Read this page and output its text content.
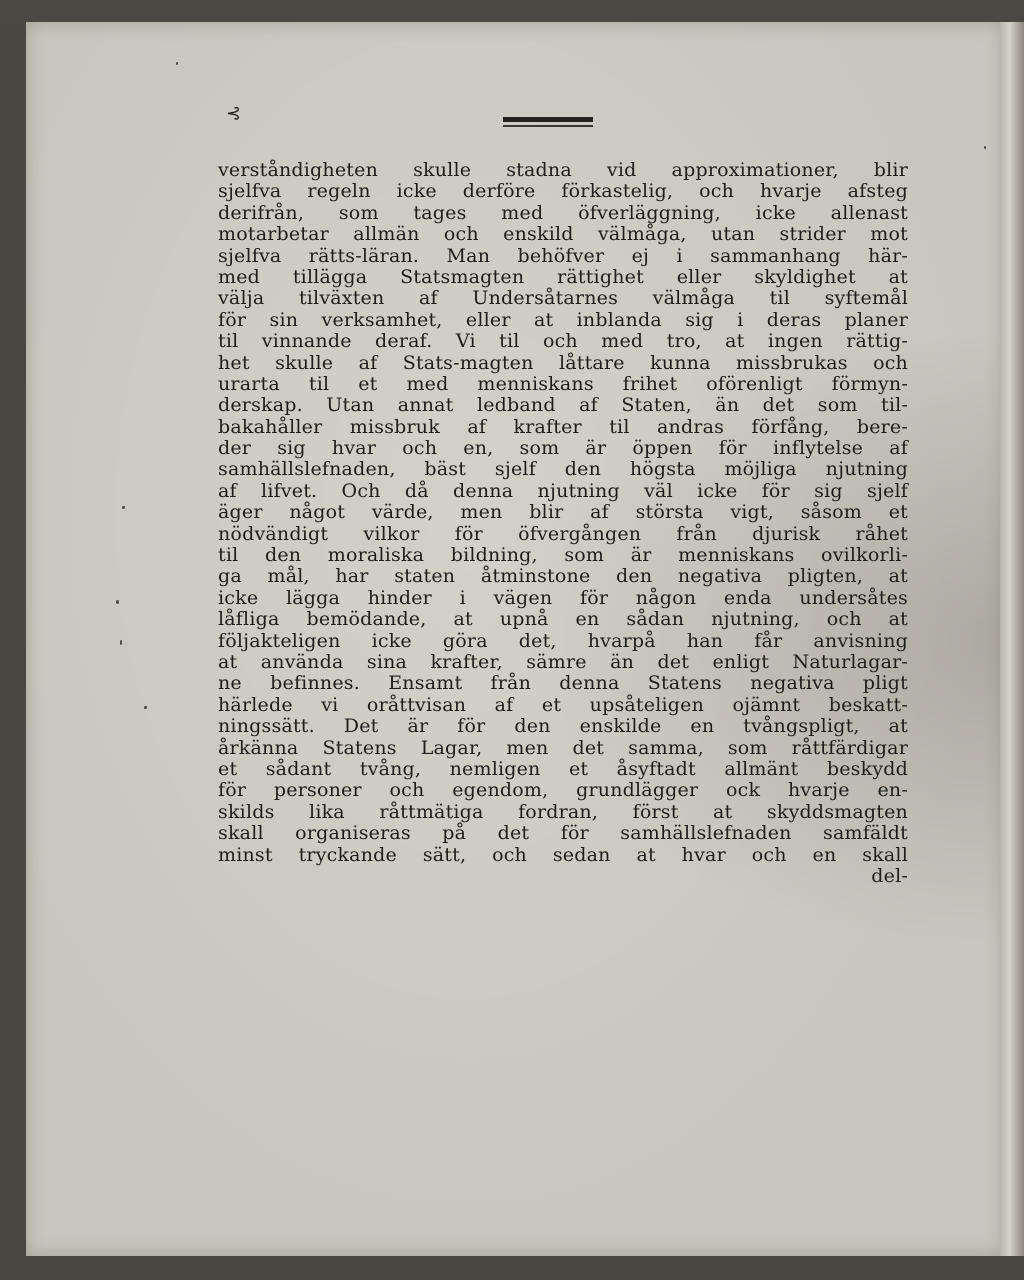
⊰
verståndigheten skulle stadna vid approximationer, blir
sjelfva regeln icke derföre förkastelig, och hvarje afsteg
derifrån, som tages med öfverläggning, icke allenast
motarbetar allmän och enskild välmåga, utan strider mot
sjelfva rätts-läran. Man behöfver ej i sammanhang här-
med tillägga Statsmagten rättighet eller skyldighet at
välja tilväxten af Undersåtarnes välmåga til syftemål
för sin verksamhet, eller at inblanda sig i deras planer
til vinnande deraf. Vi til och med tro, at ingen rättig-
het skulle af Stats-magten låttare kunna missbrukas och
urarta til et med menniskans frihet oförenligt förmyn-
derskap. Utan annat ledband af Staten, än det som til-
bakahåller missbruk af krafter til andras förfång, bere-
der sig hvar och en, som är öppen för inflytelse af
samhällslefnaden, bäst sjelf den högsta möjliga njutning
af lifvet. Och då denna njutning väl icke för sig sjelf
äger något värde, men blir af största vigt, såsom et
nödvändigt vilkor för öfvergången från djurisk råhet
til den moraliska bildning, som är menniskans ovilkorli-
ga mål, har staten åtminstone den negativa pligten, at
icke lägga hinder i vägen för någon enda undersåtes
låfliga bemödande, at upnå en sådan njutning, och at
följakteligen icke göra det, hvarpå han får anvisning
at använda sina krafter, sämre än det enligt Naturlagar-
ne befinnes. Ensamt från denna Statens negativa pligt
härlede vi oråttvisan af et upsåteligen ojämnt beskatt-
ningssätt. Det är för den enskilde en tvångspligt, at
årkänna Statens Lagar, men det samma, som råttfärdigar
et sådant tvång, nemligen et åsyftadt allmänt beskydd
för personer och egendom, grundlägger ock hvarje en-
skilds lika råttmätiga fordran, först at skyddsmagten
skall organiseras på det för samhällslefnaden samfäldt
minst tryckande sätt, och sedan at hvar och en skall
del-
